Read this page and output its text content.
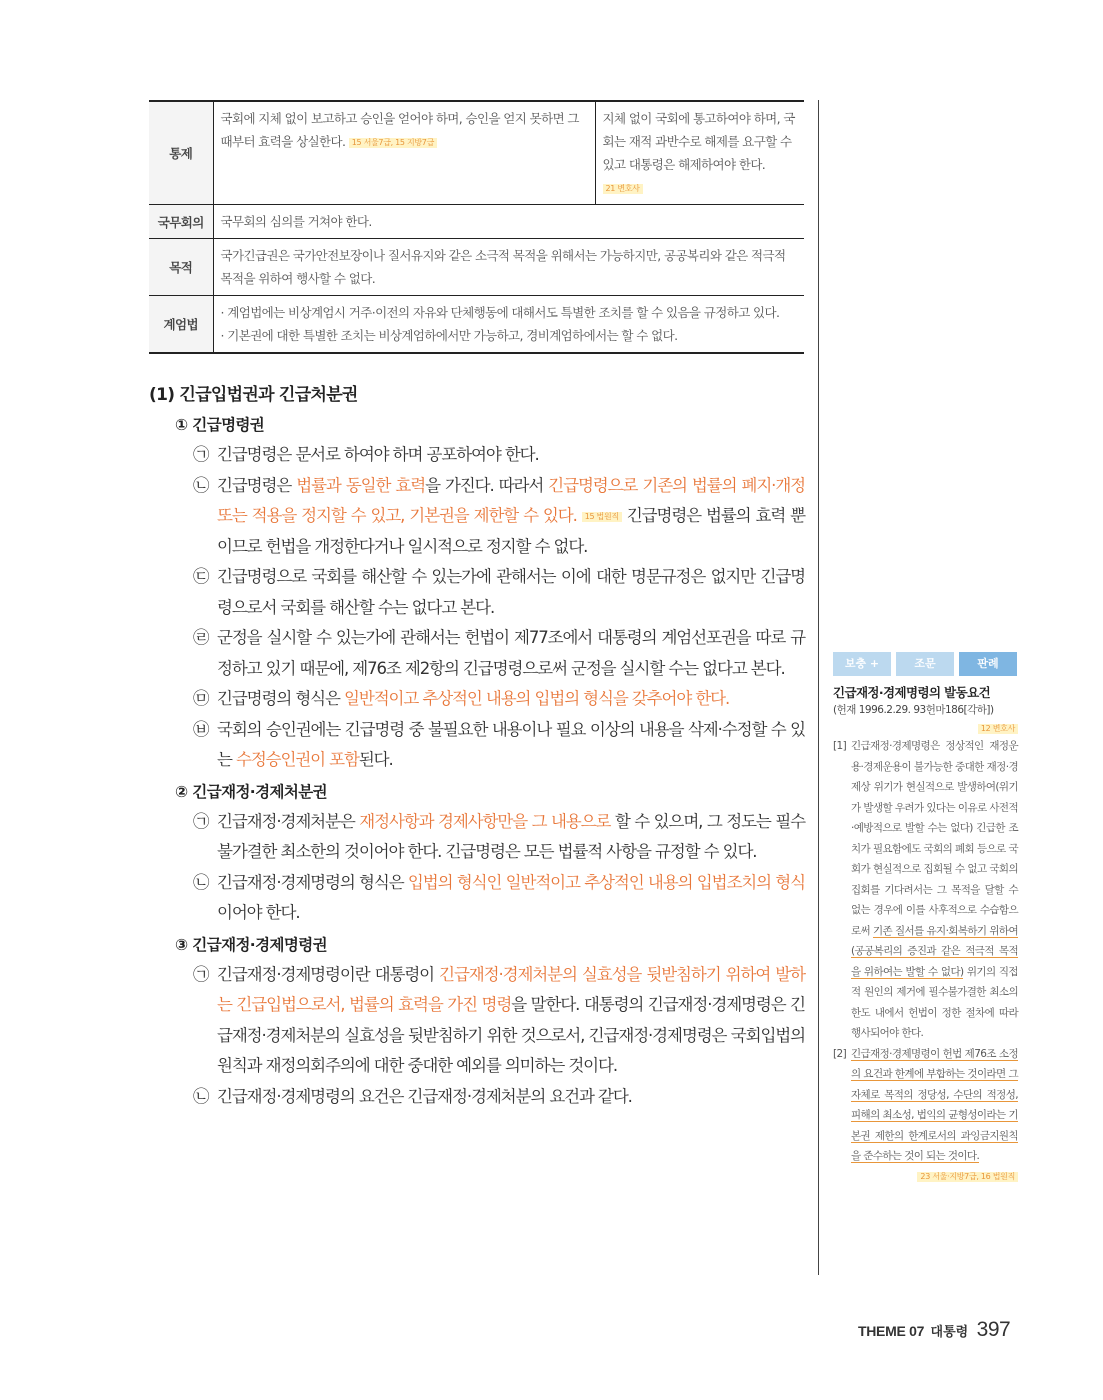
통제	국회에 지체 없이 보고하고 승인을 얻어야 하며, 승인을 얻지 못하면 그때부터 효력을 상실한다. 15 서울7급, 15 지방7급	지체 없이 국회에 통고하여야 하며, 국회는 재적 과반수로 해제를 요구할 수 있고 대통령은 해제하여야 한다. 21 변호사
국무회의	국무회의 심의를 거쳐야 한다.	
목적	국가긴급권은 국가안전보장이나 질서유지와 같은 소극적 목적을 위해서는 가능하지만, 공공복리와 같은 적극적 목적을 위하여 행사할 수 없다.	
계엄법	· 계엄법에는 비상계엄시 거주·이전의 자유와 단체행동에 대해서도 특별한 조치를 할 수 있음을 규정하고 있다.
· 기본권에 대한 특별한 조치는 비상계엄하에서만 가능하고, 경비계엄하에서는 할 수 없다.	
(1) 긴급입법권과 긴급처분권
① 긴급명령권
㉠ 긴급명령은 문서로 하여야 하며 공포하여야 한다.
㉡ 긴급명령은 법률과 동일한 효력을 가진다. 따라서 긴급명령으로 기존의 법률의 폐지·개정 또는 적용을 정지할 수 있고, 기본권을 제한할 수 있다. 15 법원직 긴급명령은 법률의 효력 뿐이므로 헌법을 개정한다거나 일시적으로 정지할 수 없다.
㉢ 긴급명령으로 국회를 해산할 수 있는가에 관해서는 이에 대한 명문규정은 없지만 긴급명령으로서 국회를 해산할 수는 없다고 본다.
㉣ 군정을 실시할 수 있는가에 관해서는 헌법이 제77조에서 대통령의 계엄선포권을 따로 규정하고 있기 때문에, 제76조 제2항의 긴급명령으로써 군정을 실시할 수는 없다고 본다.
㉤ 긴급명령의 형식은 일반적이고 추상적인 내용의 입법의 형식을 갖추어야 한다.
㉥ 국회의 승인권에는 긴급명령 중 불필요한 내용이나 필요 이상의 내용을 삭제·수정할 수 있는 수정승인권이 포함된다.
② 긴급재정·경제처분권
㉠ 긴급재정·경제처분은 재정사항과 경제사항만을 그 내용으로 할 수 있으며, 그 정도는 필수불가결한 최소한의 것이어야 한다. 긴급명령은 모든 법률적 사항을 규정할 수 있다.
㉡ 긴급재정·경제명령의 형식은 입법의 형식인 일반적이고 추상적인 내용의 입법조치의 형식이어야 한다.
③ 긴급재정·경제명령권
㉠ 긴급재정·경제명령이란 대통령이 긴급재정·경제처분의 실효성을 뒷받침하기 위하여 발하는 긴급입법으로서, 법률의 효력을 가진 명령을 말한다. 대통령의 긴급재정·경제명령은 긴급재정·경제처분의 실효성을 뒷받침하기 위한 것으로서, 긴급재정·경제명령은 국회입법의 원칙과 재정의회주의에 대한 중대한 예외를 의미하는 것이다.
㉡ 긴급재정·경제명령의 요건은 긴급재정·경제처분의 요건과 같다.
보충 +	조문	판례
긴급재정·경제명령의 발동요건
(헌재 1996.2.29. 93헌마186[각하])
12 변호사
[1] 긴급재정·경제명령은 정상적인 재정운용·경제운용이 불가능한 중대한 재정·경제상 위기가 현실적으로 발생하여(위기가 발생할 우려가 있다는 이유로 사전적·예방적으로 발할 수는 없다) 긴급한 조치가 필요함에도 국회의 폐회 등으로 국회가 현실적으로 집회될 수 없고 국회의 집회를 기다려서는 그 목적을 달할 수 없는 경우에 이를 사후적으로 수습함으로써 기존 질서를 유지·회복하기 위하여(공공복리의 증진과 같은 적극적 목적을 위하여는 발할 수 없다) 위기의 직접적 원인의 제거에 필수불가결한 최소의 한도 내에서 헌법이 정한 절차에 따라 행사되어야 한다.
[2] 긴급재정·경제명령이 헌법 제76조 소정의 요건과 한계에 부합하는 것이라면 그 자체로 목적의 정당성, 수단의 적정성, 피해의 최소성, 법익의 균형성이라는 기본권 제한의 한계로서의 과잉금지원칙을 준수하는 것이 되는 것이다.
23 서울·지방7급, 16 법원직
THEME 07 대통령 397
